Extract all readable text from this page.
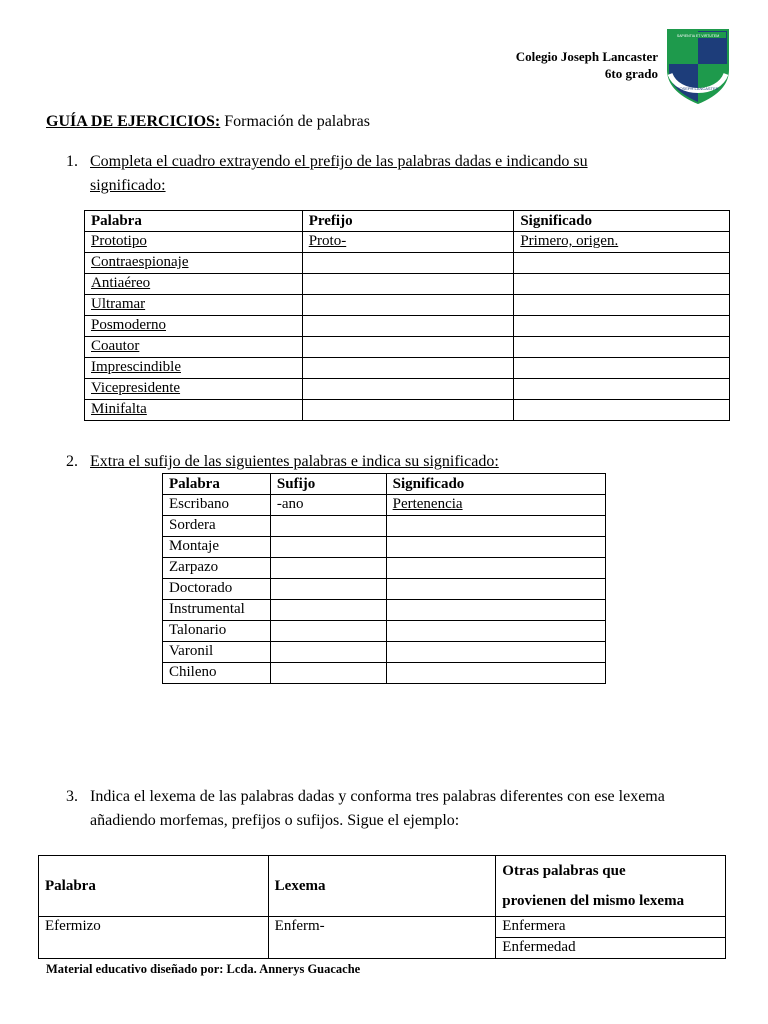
Colegio Joseph Lancaster
6to grado
SAPIENTIA ET VIRTUTEM
JOSEPH LANCASTER
GUÍA DE EJERCICIOS: Formación de palabras
1. Completa el cuadro extrayendo el prefijo de las palabras dadas e indicando su
significado:
Palabra	Prefijo	Significado
Prototipo	Proto-	Primero, origen.
Contraespionaje		
Antiaéreo		
Ultramar		
Posmoderno		
Coautor		
Imprescindible		
Vicepresidente		
Minifalta		
2. Extra el sufijo de las siguientes palabras e indica su significado:
Palabra	Sufijo	Significado
Escribano	-ano	Pertenencia
Sordera		
Montaje		
Zarpazo		
Doctorado		
Instrumental		
Talonario		
Varonil		
Chileno		
3. Indica el lexema de las palabras dadas y conforma tres palabras diferentes con ese lexema
añadiendo morfemas, prefijos o sufijos. Sigue el ejemplo:
Palabra	Lexema	Otras palabras que
provienen del mismo lexema
Efermizo	Enferm-	Enfermera
		Enfermedad
Material educativo diseñado por: Lcda. Annerys Guacache
